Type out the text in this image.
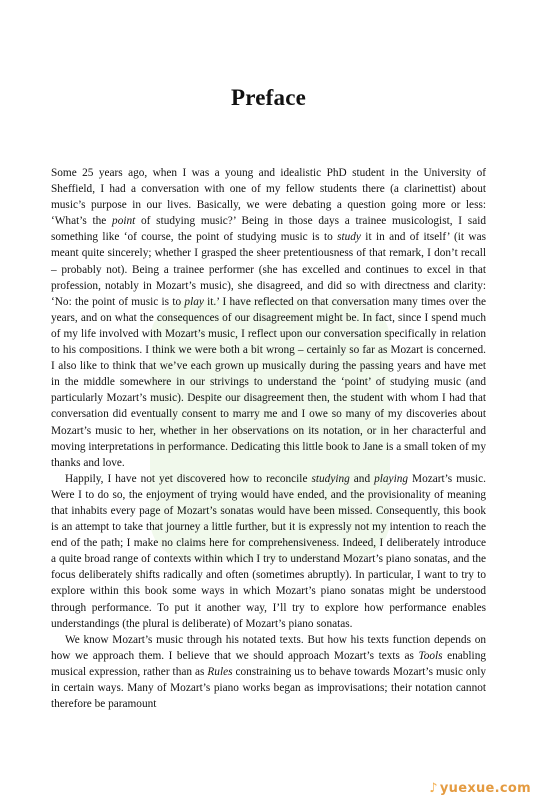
Preface

Some 25 years ago, when I was a young and idealistic PhD student in the University of Sheffield, I had a conversation with one of my fellow students there (a clarinettist) about music’s purpose in our lives. Basically, we were debating a question going more or less: ‘What’s the point of studying music?’ Being in those days a trainee musicologist, I said something like ‘of course, the point of studying music is to study it in and of itself’ (it was meant quite sincerely; whether I grasped the sheer pretentiousness of that remark, I don’t recall – probably not). Being a trainee performer (she has excelled and continues to excel in that profession, notably in Mozart’s music), she disagreed, and did so with directness and clarity: ‘No: the point of music is to play it.’ I have reflected on that conversation many times over the years, and on what the consequences of our disagreement might be. In fact, since I spend much of my life involved with Mozart’s music, I reflect upon our conversation specifically in relation to his compositions. I think we were both a bit wrong – certainly so far as Mozart is concerned. I also like to think that we’ve each grown up musically during the passing years and have met in the middle somewhere in our strivings to understand the ‘point’ of studying music (and particularly Mozart’s music). Despite our disagreement then, the student with whom I had that conversation did eventually consent to marry me and I owe so many of my discoveries about Mozart’s music to her, whether in her observations on its notation, or in her characterful and moving interpretations in performance. Dedicating this little book to Jane is a small token of my thanks and love.

Happily, I have not yet discovered how to reconcile studying and playing Mozart’s music. Were I to do so, the enjoyment of trying would have ended, and the provisionality of meaning that inhabits every page of Mozart’s sonatas would have been missed. Consequently, this book is an attempt to take that journey a little further, but it is expressly not my intention to reach the end of the path; I make no claims here for comprehensiveness. Indeed, I deliberately introduce a quite broad range of contexts within which I try to understand Mozart’s piano sonatas, and the focus deliberately shifts radically and often (sometimes abruptly). In particular, I want to try to explore within this book some ways in which Mozart’s piano sonatas might be understood through performance. To put it another way, I’ll try to explore how performance enables understandings (the plural is deliberate) of Mozart’s piano sonatas.

We know Mozart’s music through his notated texts. But how his texts function depends on how we approach them. I believe that we should approach Mozart’s texts as Tools enabling musical expression, rather than as Rules constraining us to behave towards Mozart’s music only in certain ways. Many of Mozart’s piano works began as improvisations; their notation cannot therefore be paramount

♪ yuexue.com
